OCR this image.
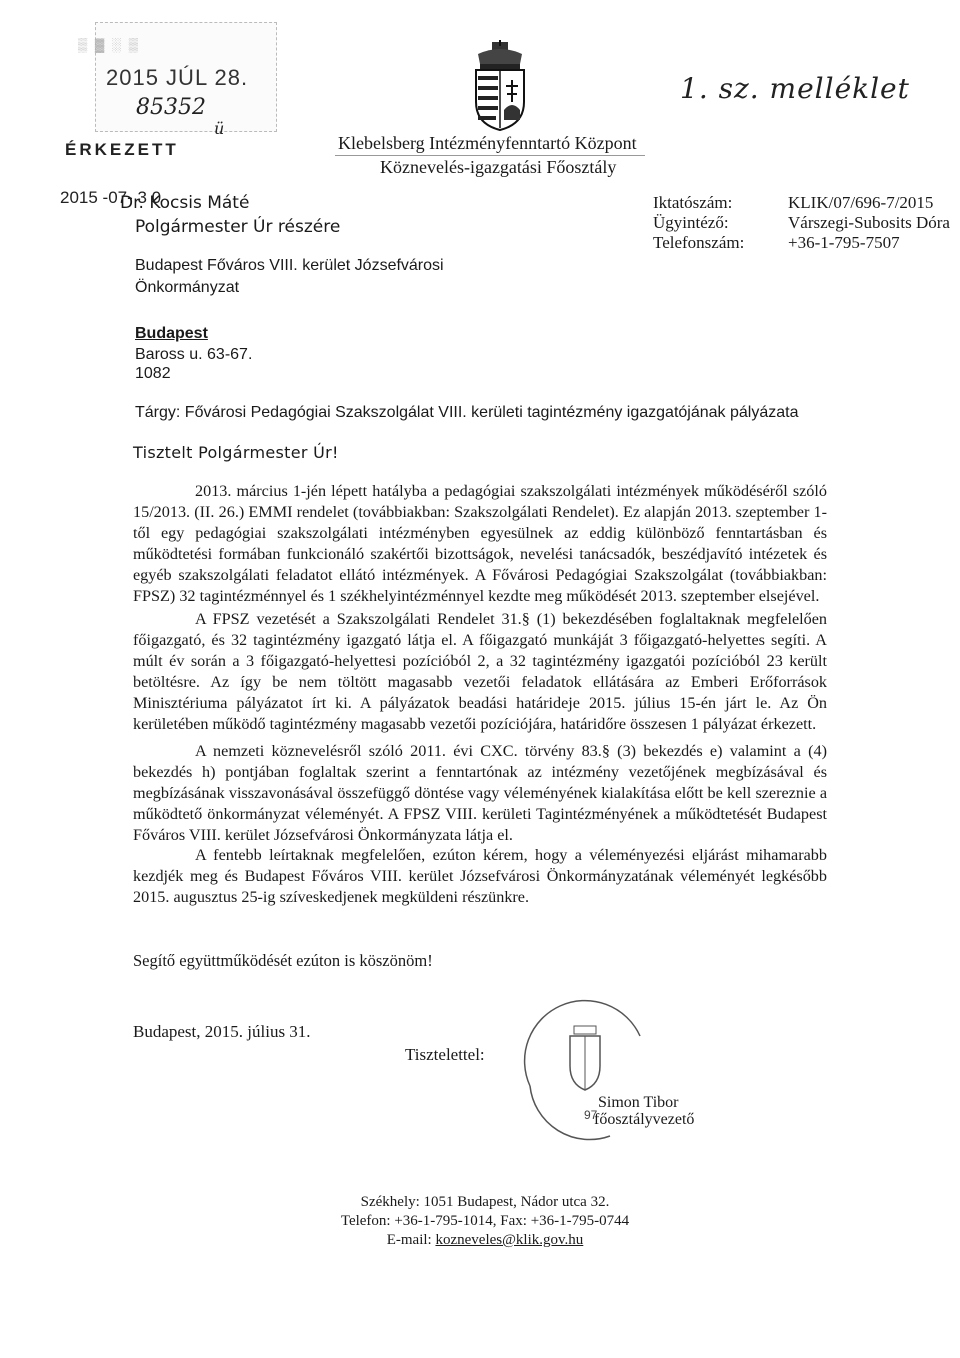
▒ ▓ ░ ▒
2015 JÚL 28.
85352
ü
ÉRKEZETT
2015 -07- 3 0
1. sz. melléklet
Klebelsberg Intézményfenntartó Központ
Köznevelés-igazgatási Főosztály
Dr. Kocsis Máté
Polgármester Úr részére
Budapest Főváros VIII. kerület Józsefvárosi
Önkormányzat
Budapest
Baross u. 63-67.
1082
Iktatószám:	KLIK/07/696-7/2015
Ügyintéző:	Várszegi-Subosits Dóra
Telefonszám:	+36-1-795-7507
Tárgy: Fővárosi Pedagógiai Szakszolgálat VIII. kerületi tagintézmény igazgatójának pályázata
Tisztelt Polgármester Úr!

2013. március 1-jén lépett hatályba a pedagógiai szakszolgálati intézmények működéséről szóló 15/2013. (II. 26.) EMMI rendelet (továbbiakban: Szakszolgálati Rendelet). Ez alapján 2013. szeptember 1-től egy pedagógiai szakszolgálati intézményben egyesülnek az eddig különböző fenntartásban és működtetési formában funkcionáló szakértői bizottságok, nevelési tanácsadók, beszédjavító intézetek és egyéb szakszolgálati feladatot ellátó intézmények. A Fővárosi Pedagógiai Szakszolgálat (továbbiakban: FPSZ) 32 tagintézménnyel és 1 székhelyintézménnyel kezdte meg működését 2013. szeptember elsejével.

A FPSZ vezetését a Szakszolgálati Rendelet 31.§ (1) bekezdésében foglaltaknak megfelelően főigazgató, és 32 tagintézmény igazgató látja el. A főigazgató munkáját 3 főigazgató-helyettes segíti. A múlt év során a 3 főigazgató-helyettesi pozícióból 2, a 32 tagintézmény igazgatói pozícióból 23 került betöltésre. Az így be nem töltött magasabb vezetői feladatok ellátására az Emberi Erőforrások Minisztériuma pályázatot írt ki. A pályázatok beadási határideje 2015. július 15-én járt le. Az Ön kerületében működő tagintézmény magasabb vezetői pozíciójára, határidőre összesen 1 pályázat érkezett.

A nemzeti köznevelésről szóló 2011. évi CXC. törvény 83.§ (3) bekezdés e) valamint a (4) bekezdés h) pontjában foglaltak szerint a fenntartónak az intézmény vezetőjének megbízásával és megbízásának visszavonásával összefüggő döntése vagy véleményének kialakítása előtt be kell szereznie a működtető önkormányzat véleményét. A FPSZ VIII. kerületi Tagintézményének a működtetését Budapest Főváros VIII. kerület Józsefvárosi Önkormányzata látja el.

A fentebb leírtaknak megfelelően, ezúton kérem, hogy a véleményezési eljárást mihamarabb kezdjék meg és Budapest Főváros VIII. kerület Józsefvárosi Önkormányzatának véleményét legkésőbb 2015. augusztus 25-ig szíveskedjenek megküldeni részünkre.

Segítő együttműködését ezúton is köszönöm!
Budapest, 2015. július 31.
Tisztelettel:
97
Simon Tibor
főosztályvezető
Székhely: 1051 Budapest, Nádor utca 32.
Telefon: +36-1-795-1014, Fax: +36-1-795-0744
E-mail: kozneveles@klik.gov.hu
